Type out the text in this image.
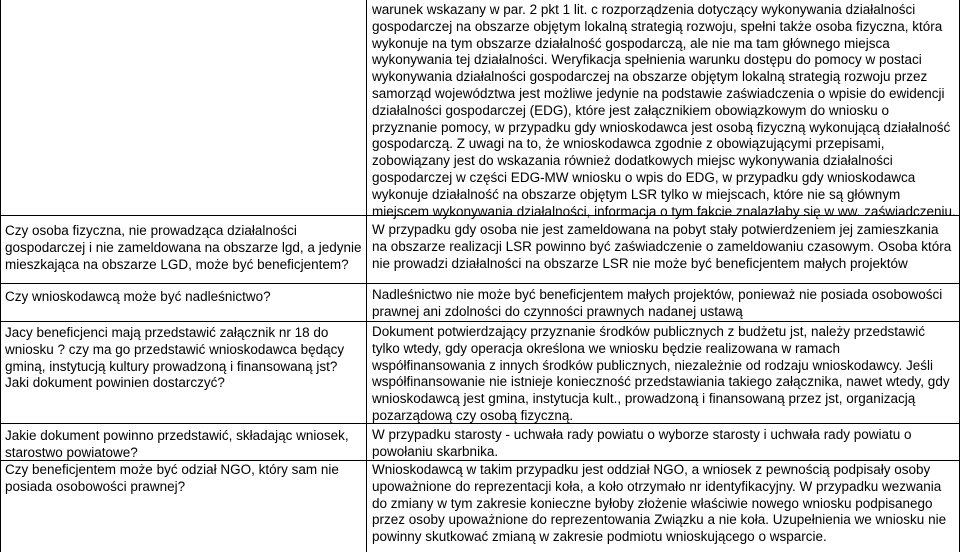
warunek wskazany w par. 2 pkt 1 lit. c rozporządzenia dotyczący wykonywania działalności gospodarczej na obszarze objętym lokalną strategią rozwoju, spełni także osoba fizyczna, która wykonuje na tym obszarze działalność gospodarczą, ale nie ma tam głównego miejsca wykonywania tej działalności. Weryfikacja spełnienia warunku dostępu do pomocy w postaci wykonywania działalności gospodarczej na obszarze objętym lokalną strategią rozwoju przez samorząd województwa jest możliwe jedynie na podstawie zaświadczenia o wpisie do ewidencji działalności gospodarczej (EDG), które jest załącznikiem obowiązkowym do wniosku o przyznanie pomocy, w przypadku gdy wnioskodawca jest osobą fizyczną wykonującą działalność gospodarczą. Z uwagi na to, że wnioskodawca zgodnie z obowiązującymi przepisami, zobowiązany jest do wskazania również dodatkowych miejsc wykonywania działalności gospodarczej w części EDG-MW wniosku o wpis do EDG, w przypadku gdy wnioskodawca wykonuje działalność na obszarze objętym LSR tylko w miejscach, które nie są głównym miejscem wykonywania działalności, informacja o tym fakcie znalazłaby się w ww. zaświadczeniu.

Czy osoba fizyczna, nie prowadząca działalności gospodarczej i nie zameldowana na obszarze lgd, a jedynie mieszkająca na obszarze LGD, może być beneficjentem?

W przypadku gdy osoba nie jest zameldowana na pobyt stały potwierdzeniem jej zamieszkania na obszarze realizacji LSR powinno być zaświadczenie o zameldowaniu czasowym. Osoba która nie prowadzi działalności na obszarze LSR nie może być beneficjentem małych projektów

Czy wnioskodawcą może być nadleśnictwo?	Nadleśnictwo nie może być beneficjentem małych projektów, ponieważ nie posiada osobowości prawnej ani zdolności do czynności prawnych nadanej ustawą

Jacy beneficjenci mają przedstawić załącznik nr 18 do wniosku ? czy ma go przedstawić wnioskodawca będący gminą, instytucją kultury prowadzoną i finansowaną jst? Jaki dokument powinien dostarczyć?

Dokument potwierdzający przyznanie środków publicznych z budżetu jst, należy przedstawić tylko wtedy, gdy operacja określona we wniosku będzie realizowana w ramach współfinansowania z innych środków publicznych, niezależnie od rodzaju wnioskodawcy. Jeśli współfinansowanie nie istnieje konieczność przedstawiania takiego załącznika, nawet wtedy, gdy wnioskodawcą jest gmina, instytucja kult., prowadzoną i finansowaną przez jst, organizacją pozarządową czy osobą fizyczną.

Jakie dokument powinno przedstawić, składając wniosek, starostwo powiatowe?

W przypadku starosty - uchwała rady powiatu o wyborze starosty i uchwała rady powiatu o powołaniu skarbnika.

Czy beneficjentem może być odział NGO, który sam nie posiada osobowości prawnej?

Wnioskodawcą w takim przypadku jest oddział NGO, a wniosek z pewnością podpisały osoby upoważnione do reprezentacji koła, a koło otrzymało nr identyfikacyjny. W przypadku wezwania do zmiany w tym zakresie konieczne byłoby złożenie właściwie nowego wniosku podpisanego przez osoby upoważnione do reprezentowania Związku a nie koła. Uzupełnienia we wniosku nie powinny skutkować zmianą w zakresie podmiotu wnioskującego o wsparcie.
